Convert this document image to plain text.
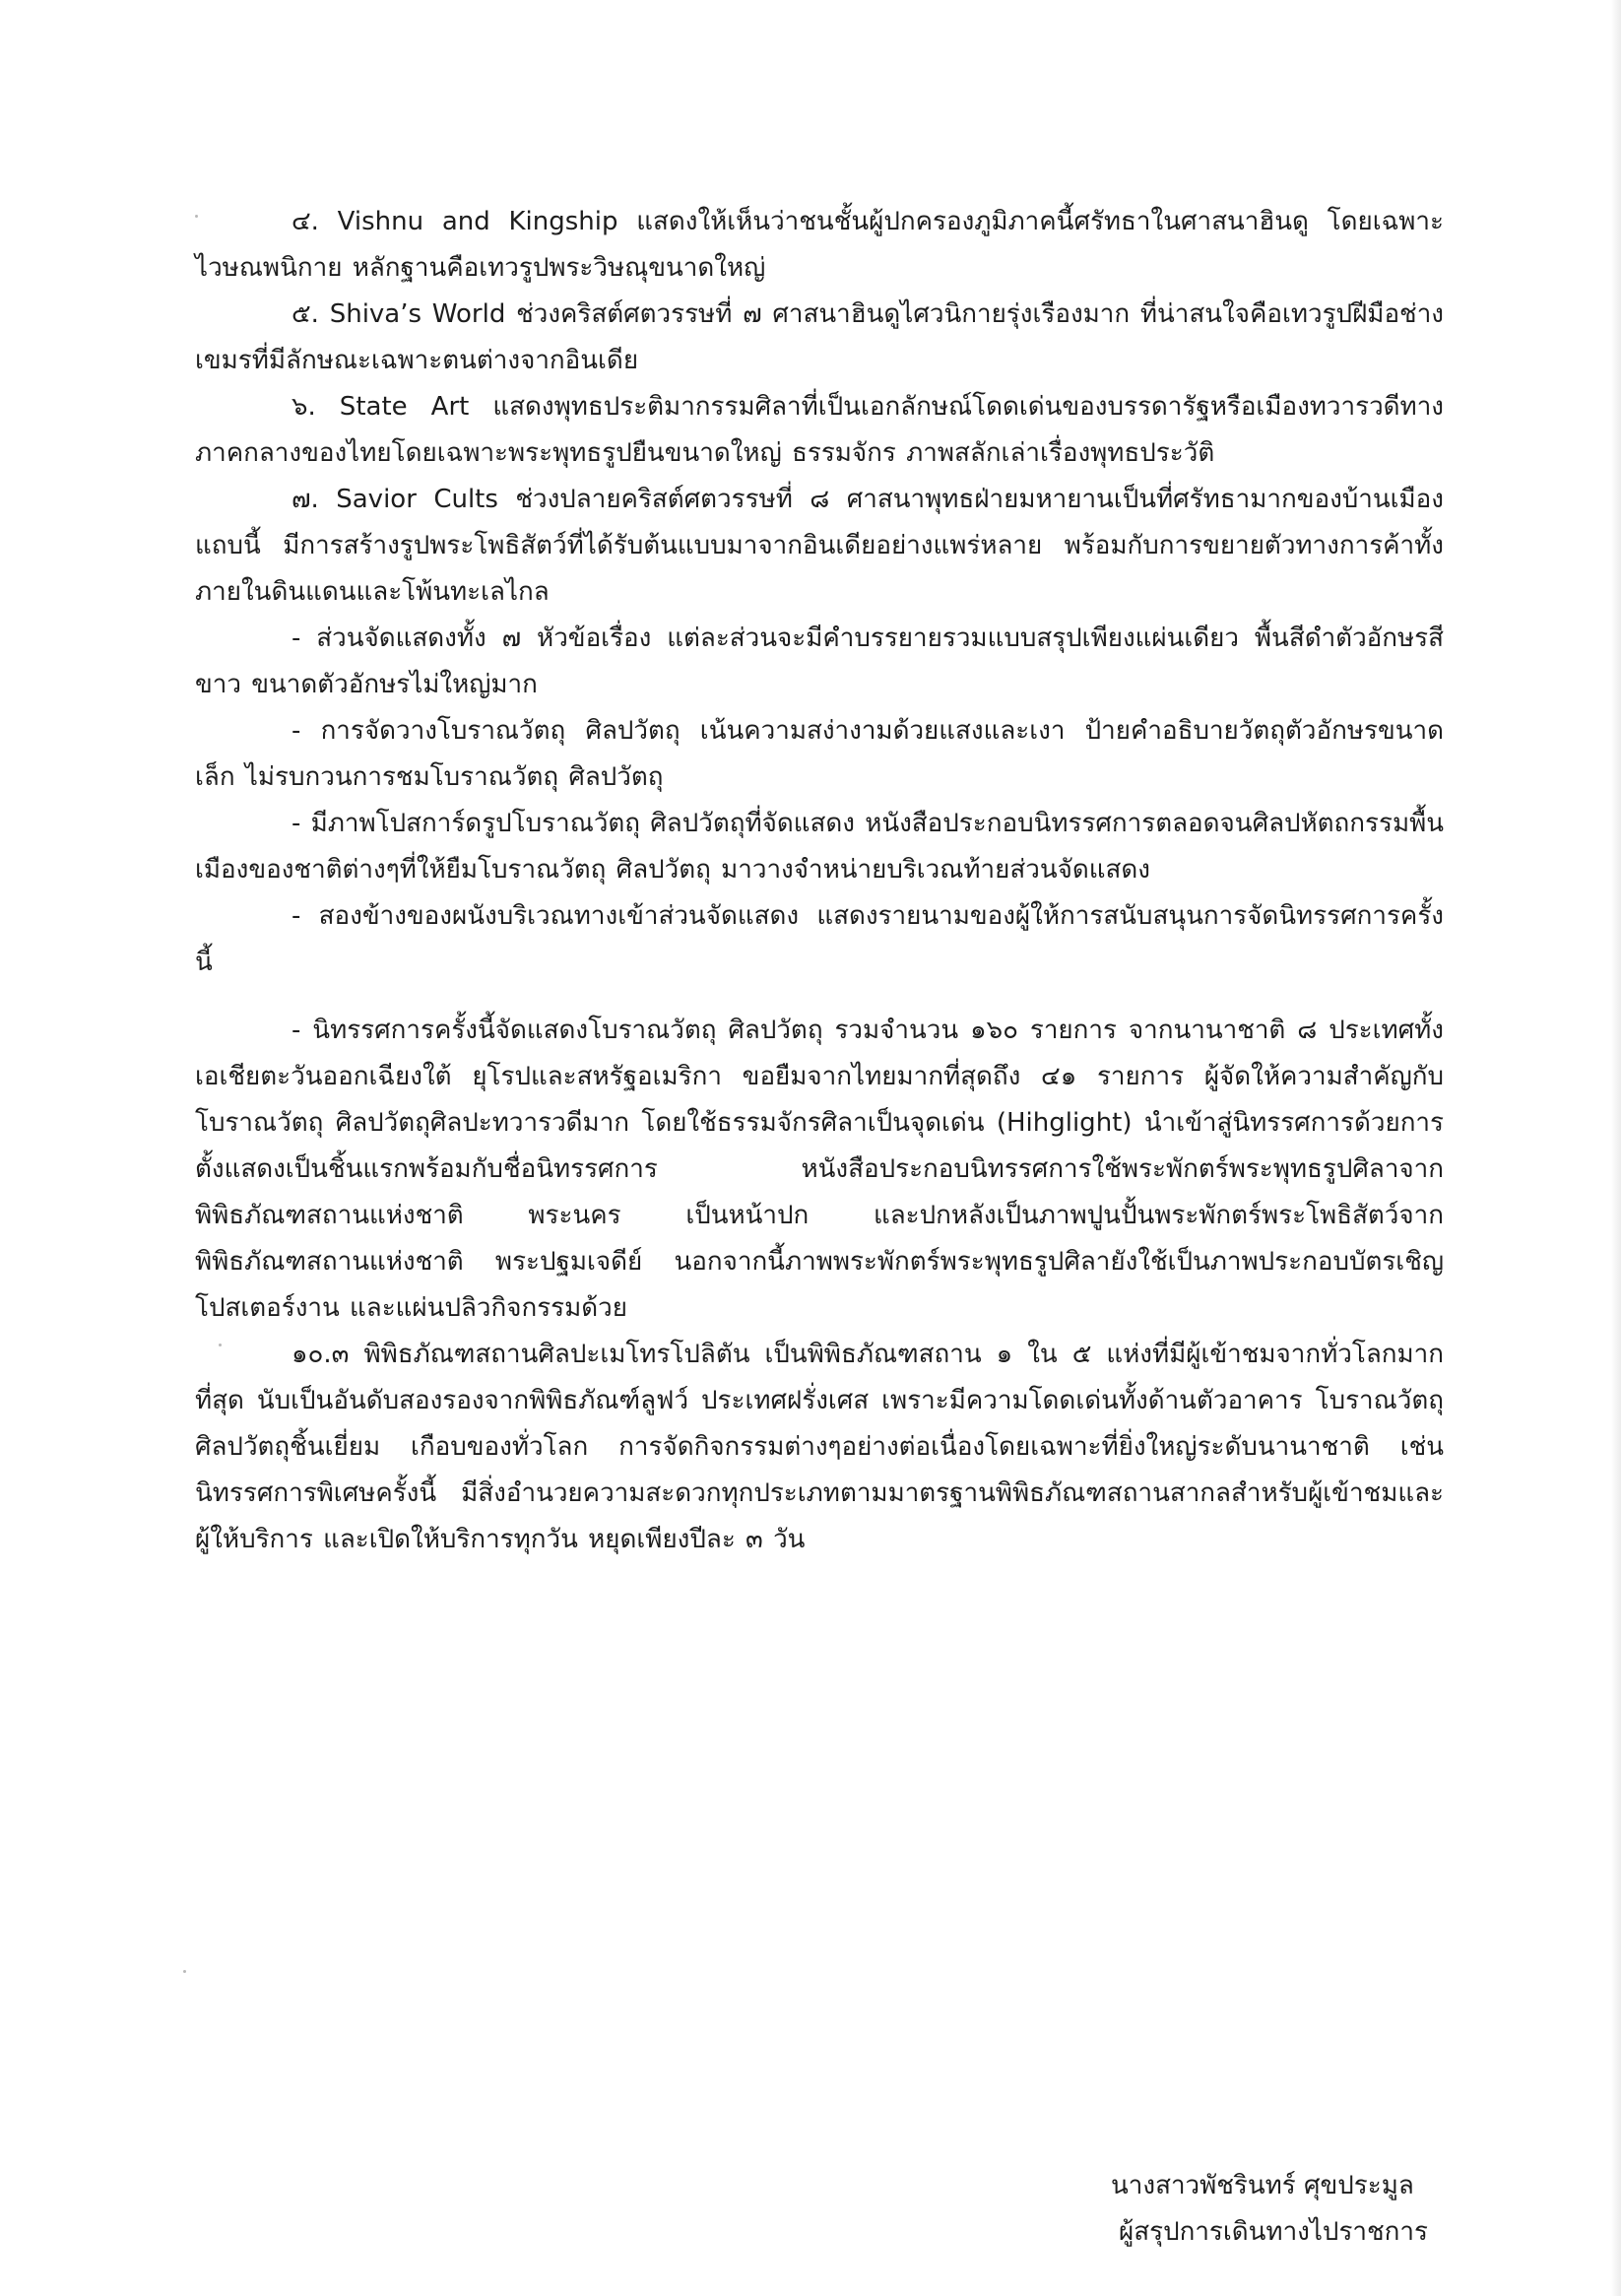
๔. Vishnu and Kingship แสดงให้เห็นว่าชนชั้นผู้ปกครองภูมิภาคนี้ศรัทธาในศาสนาฮินดู โดยเฉพาะไวษณพนิกาย หลักฐานคือเทวรูปพระวิษณุขนาดใหญ่

๕. Shiva’s World ช่วงคริสต์ศตวรรษที่ ๗ ศาสนาฮินดูไศวนิกายรุ่งเรืองมาก ที่น่าสนใจคือเทวรูปฝีมือช่างเขมรที่มีลักษณะเฉพาะตนต่างจากอินเดีย

๖. State Art แสดงพุทธประติมากรรมศิลาที่เป็นเอกลักษณ์โดดเด่นของบรรดารัฐหรือเมืองทวารวดีทางภาคกลางของไทยโดยเฉพาะพระพุทธรูปยืนขนาดใหญ่ ธรรมจักร ภาพสลักเล่าเรื่องพุทธประวัติ

๗. Savior Cults ช่วงปลายคริสต์ศตวรรษที่ ๘ ศาสนาพุทธฝ่ายมหายานเป็นที่ศรัทธามากของบ้านเมืองแถบนี้ มีการสร้างรูปพระโพธิสัตว์ที่ได้รับต้นแบบมาจากอินเดียอย่างแพร่หลาย พร้อมกับการขยายตัวทางการค้าทั้งภายในดินแดนและโพ้นทะเลไกล

- ส่วนจัดแสดงทั้ง ๗ หัวข้อเรื่อง แต่ละส่วนจะมีคำบรรยายรวมแบบสรุปเพียงแผ่นเดียว พื้นสีดำตัวอักษรสีขาว ขนาดตัวอักษรไม่ใหญ่มาก

- การจัดวางโบราณวัตถุ ศิลปวัตถุ เน้นความสง่างามด้วยแสงและเงา ป้ายคำอธิบายวัตถุตัวอักษรขนาดเล็ก ไม่รบกวนการชมโบราณวัตถุ ศิลปวัตถุ

- มีภาพโปสการ์ดรูปโบราณวัตถุ ศิลปวัตถุที่จัดแสดง หนังสือประกอบนิทรรศการตลอดจนศิลปหัตถกรรมพื้นเมืองของชาติต่างๆที่ให้ยืมโบราณวัตถุ ศิลปวัตถุ มาวางจำหน่ายบริเวณท้ายส่วนจัดแสดง

- สองข้างของผนังบริเวณทางเข้าส่วนจัดแสดง แสดงรายนามของผู้ให้การสนับสนุนการจัดนิทรรศการครั้งนี้

- นิทรรศการครั้งนี้จัดแสดงโบราณวัตถุ ศิลปวัตถุ รวมจำนวน ๑๖๐ รายการ จากนานาชาติ ๘ ประเทศทั้งเอเชียตะวันออกเฉียงใต้ ยุโรปและสหรัฐอเมริกา ขอยืมจากไทยมากที่สุดถึง ๔๑ รายการ ผู้จัดให้ความสำคัญกับโบราณวัตถุ ศิลปวัตถุศิลปะทวารวดีมาก โดยใช้ธรรมจักรศิลาเป็นจุดเด่น (Hihglight) นำเข้าสู่นิทรรศการด้วยการตั้งแสดงเป็นชิ้นแรกพร้อมกับชื่อนิทรรศการ หนังสือประกอบนิทรรศการใช้พระพักตร์พระพุทธรูปศิลาจากพิพิธภัณฑสถานแห่งชาติ พระนคร เป็นหน้าปก และปกหลังเป็นภาพปูนปั้นพระพักตร์พระโพธิสัตว์จากพิพิธภัณฑสถานแห่งชาติ พระปฐมเจดีย์ นอกจากนี้ภาพพระพักตร์พระพุทธรูปศิลายังใช้เป็นภาพประกอบบัตรเชิญ โปสเตอร์งาน และแผ่นปลิวกิจกรรมด้วย

๑๐.๓ พิพิธภัณฑสถานศิลปะเมโทรโปลิตัน เป็นพิพิธภัณฑสถาน ๑ ใน ๕ แห่งที่มีผู้เข้าชมจากทั่วโลกมากที่สุด นับเป็นอันดับสองรองจากพิพิธภัณฑ์ลูฟว์ ประเทศฝรั่งเศส เพราะมีความโดดเด่นทั้งด้านตัวอาคาร โบราณวัตถุ ศิลปวัตถุชิ้นเยี่ยม เกือบของทั่วโลก การจัดกิจกรรมต่างๆอย่างต่อเนื่องโดยเฉพาะที่ยิ่งใหญ่ระดับนานาชาติ เช่น นิทรรศการพิเศษครั้งนี้ มีสิ่งอำนวยความสะดวกทุกประเภทตามมาตรฐานพิพิธภัณฑสถานสากลสำหรับผู้เข้าชมและผู้ให้บริการ และเปิดให้บริการทุกวัน หยุดเพียงปีละ ๓ วัน

นางสาวพัชรินทร์ ศุขประมูล
ผู้สรุปการเดินทางไปราชการ
